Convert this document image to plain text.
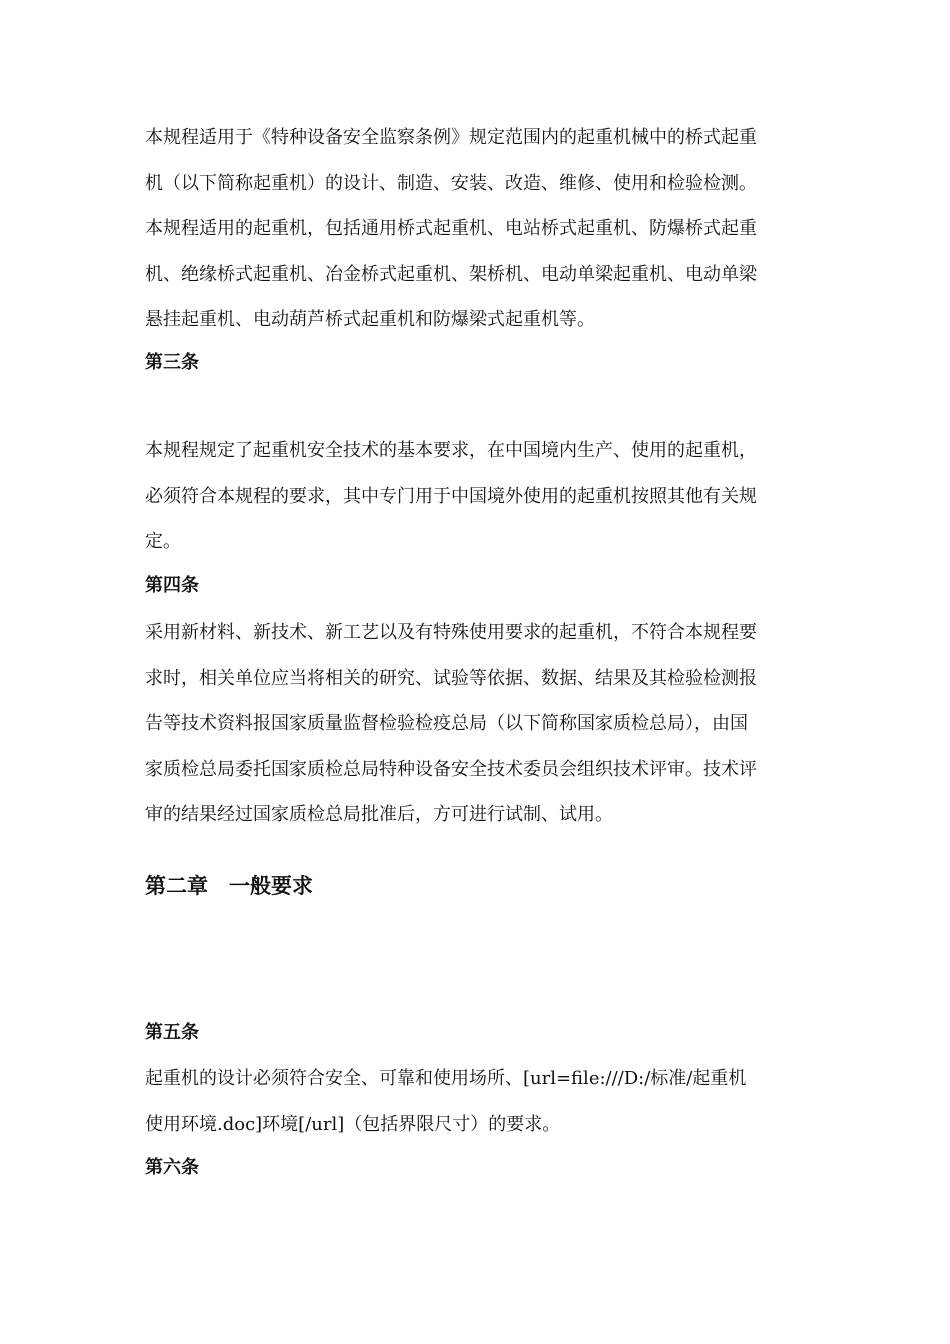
本规程适用于《特种设备安全监察条例》规定范围内的起重机械中的桥式起重
机（以下简称起重机）的设计、制造、安装、改造、维修、使用和检验检测。
本规程适用的起重机，包括通用桥式起重机、电站桥式起重机、防爆桥式起重
机、绝缘桥式起重机、冶金桥式起重机、架桥机、电动单梁起重机、电动单梁
悬挂起重机、电动葫芦桥式起重机和防爆梁式起重机等。

第三条

本规程规定了起重机安全技术的基本要求，在中国境内生产、使用的起重机，
必须符合本规程的要求，其中专门用于中国境外使用的起重机按照其他有关规
定。

第四条

采用新材料、新技术、新工艺以及有特殊使用要求的起重机，不符合本规程要
求时，相关单位应当将相关的研究、试验等依据、数据、结果及其检验检测报
告等技术资料报国家质量监督检验检疫总局（以下简称国家质检总局），由国
家质检总局委托国家质检总局特种设备安全技术委员会组织技术评审。技术评
审的结果经过国家质检总局批准后，方可进行试制、试用。

第二章　一般要求
第五条

起重机的设计必须符合安全、可靠和使用场所、[url=file:///D:/标准/起重机
使用环境.doc]环境[/url]（包括界限尺寸）的要求。

第六条
